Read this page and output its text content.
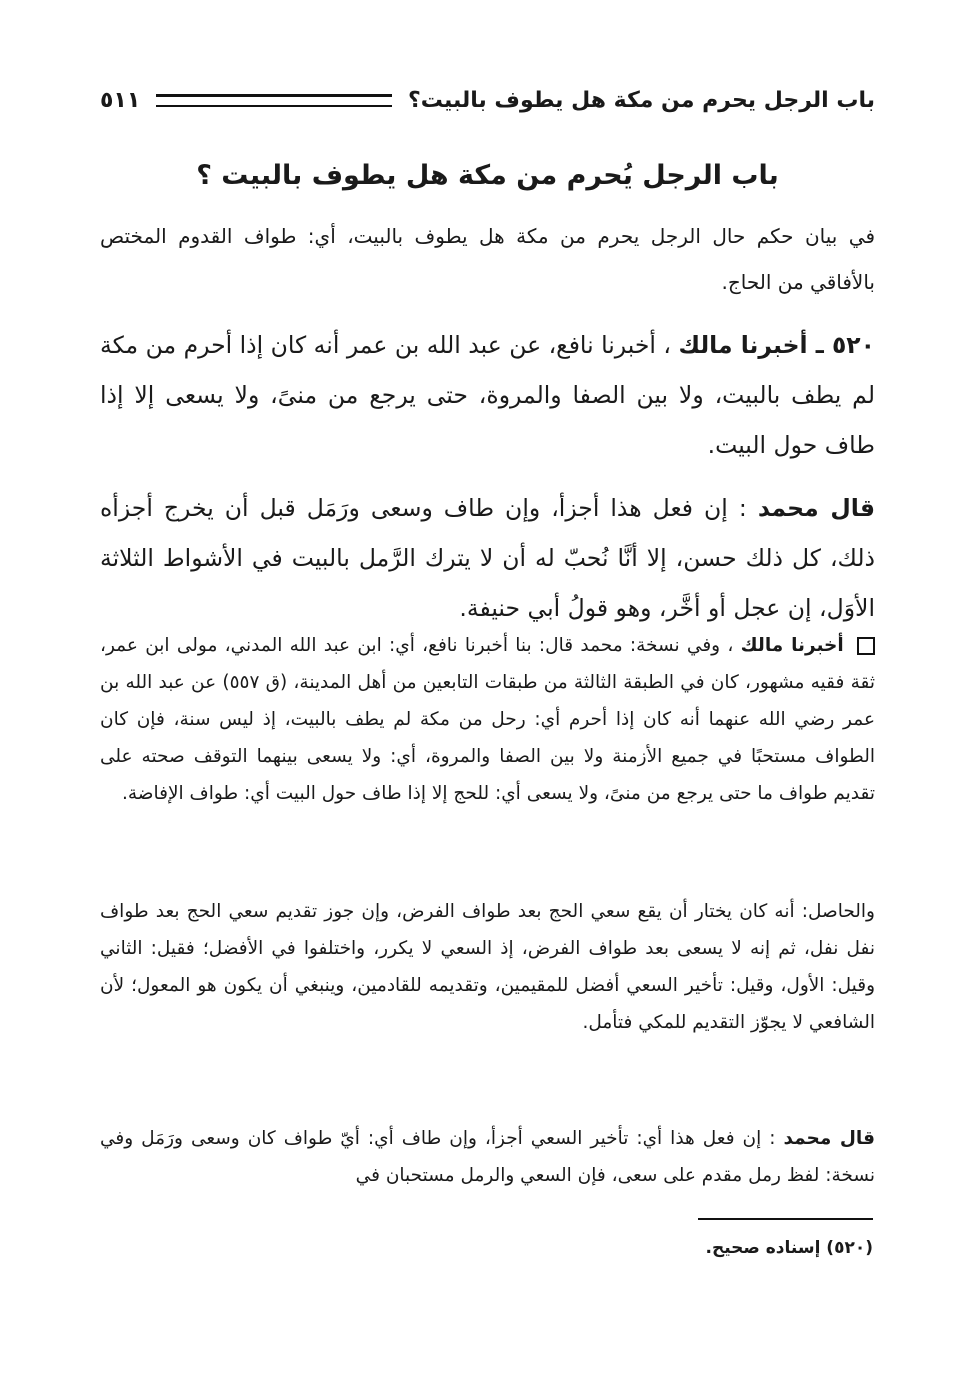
باب الرجل يحرم من مكة هل يطوف بالبيت؟
٥١١
باب الرجل يُحرم من مكة هل يطوف بالبيت ؟

في بيان حكم حال الرجل يحرم من مكة هل يطوف بالبيت، أي: طواف القدوم المختص بالأفاقي من الحاج.

٥٢٠ ـ أخبرنا مالك ، أخبرنا نافع، عن عبد الله بن عمر أنه كان إذا أحرم من مكة لم يطف بالبيت، ولا بين الصفا والمروة، حتى يرجع من منىً، ولا يسعى إلا إذا طاف حول البيت.

قال محمد : إن فعل هذا أجزأ، وإن طاف وسعى ورَمَل قبل أن يخرج أجزأه ذلك، كل ذلك حسن، إلا أنَّا نُحبّ له أن لا يترك الرَّمل بالبيت في الأشواط الثلاثة الأوَل، إن عجل أو أخَّر، وهو قولُ أبي حنيفة.

أخبرنا مالك ، وفي نسخة: محمد قال: بنا أخبرنا نافع، أي: ابن عبد الله المدني، مولى ابن عمر، ثقة فقيه مشهور، كان في الطبقة الثالثة من طبقات التابعين من أهل المدينة، (ق ٥٥٧) عن عبد الله بن عمر رضي الله عنهما أنه كان إذا أحرم أي: رحل من مكة لم يطف بالبيت، إذ ليس سنة، فإن كان الطواف مستحبًا في جميع الأزمنة ولا بين الصفا والمروة، أي: ولا يسعى بينهما التوقف صحته على تقديم طواف ما حتى يرجع من منىً، ولا يسعى أي: للحج إلا إذا طاف حول البيت أي: طواف الإفاضة.

والحاصل: أنه كان يختار أن يقع سعي الحج بعد طواف الفرض، وإن جوز تقديم سعي الحج بعد طواف نفل نفل، ثم إنه لا يسعى بعد طواف الفرض، إذ السعي لا يكرر، واختلفوا في الأفضل؛ فقيل: الثاني وقيل: الأول، وقيل: تأخير السعي أفضل للمقيمين، وتقديمه للقادمين، وينبغي أن يكون هو المعول؛ لأن الشافعي لا يجوّز التقديم للمكي فتأمل.

قال محمد : إن فعل هذا أي: تأخير السعي أجزأ، وإن طاف أي: أيّ طواف كان وسعى ورَمَل وفي نسخة: لفظ رمل مقدم على سعى، فإن السعي والرمل مستحبان في

(٥٢٠) إسناده صحيح.
